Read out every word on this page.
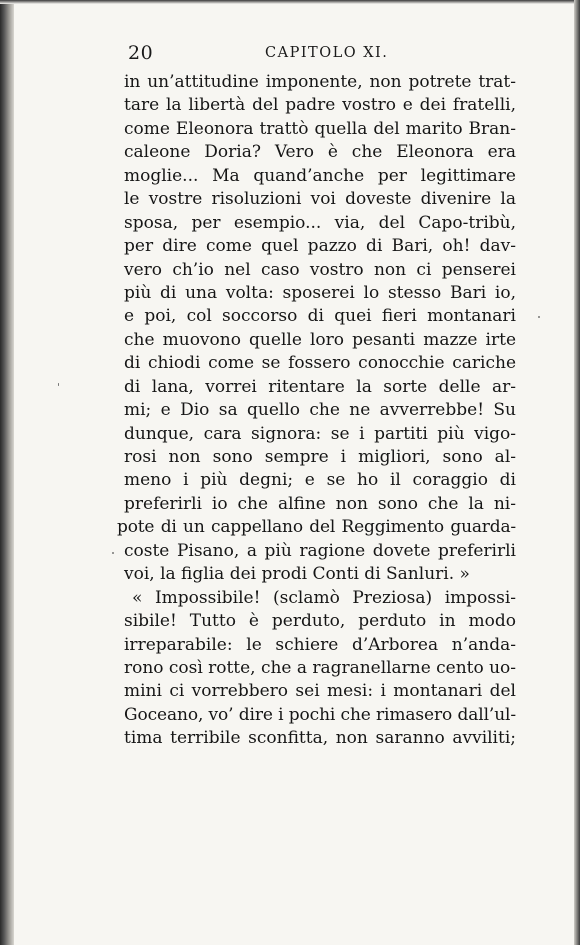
20	CAPITOLO XI.
in un’attitudine imponente, non potrete trat-
tare la libertà del padre vostro e dei fratelli,
come Eleonora trattò quella del marito Bran-
caleone Doria? Vero è che Eleonora era
moglie... Ma quand’anche per legittimare
le vostre risoluzioni voi doveste divenire la
sposa, per esempio... via, del Capo-tribù,
per dire come quel pazzo di Bari, oh! dav-
vero ch’io nel caso vostro non ci penserei
più di una volta: sposerei lo stesso Bari io,
e poi, col soccorso di quei fieri montanari
che muovono quelle loro pesanti mazze irte
di chiodi come se fossero conocchie cariche
di lana, vorrei ritentare la sorte delle ar-
mi; e Dio sa quello che ne avverrebbe! Su
dunque, cara signora: se i partiti più vigo-
rosi non sono sempre i migliori, sono al-
meno i più degni; e se ho il coraggio di
preferirli io che alfine non sono che la ni-
pote di un cappellano del Reggimento guarda-
coste Pisano, a più ragione dovete preferirli
voi, la figlia dei prodi Conti di Sanluri. »
« Impossibile! (sclamò Preziosa) impossi-
sibile! Tutto è perduto, perduto in modo
irreparabile: le schiere d’Arborea n’anda-
rono così rotte, che a ragranellarne cento uo-
mini ci vorrebbero sei mesi: i montanari del
Goceano, vo’ dire i pochi che rimasero dall’ul-
tima terribile sconfitta, non saranno avviliti;
